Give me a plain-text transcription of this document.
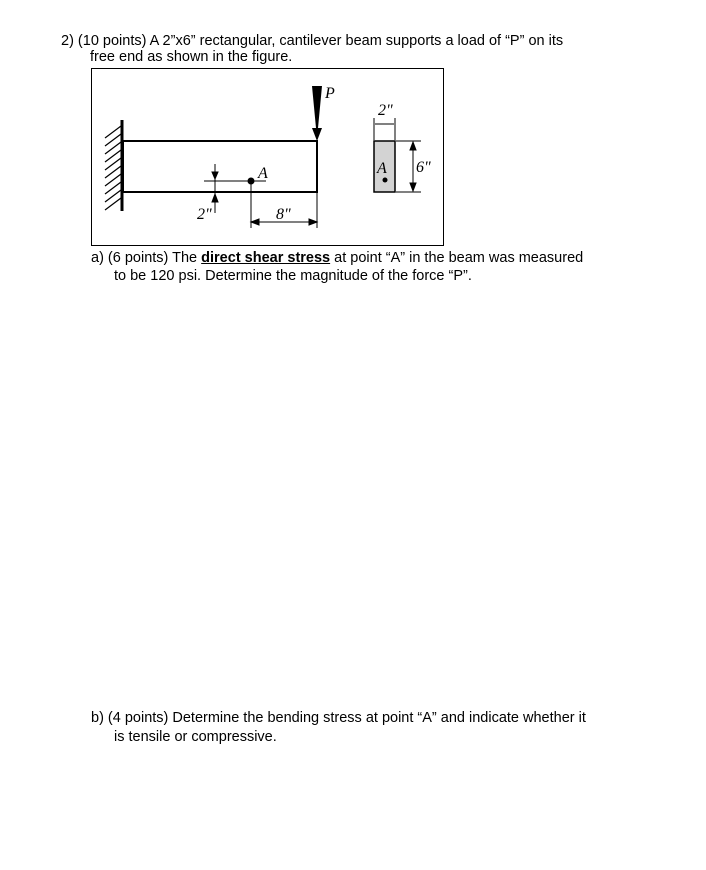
2) (10 points) A 2”x6” rectangular, cantilever beam supports a load of “P” on its
free end as shown in the figure.
P
A
2"	8"
2"
A 6"
a) (6 points) The direct shear stress at point “A” in the beam was measured
to be 120 psi. Determine the magnitude of the force “P”.
b) (4 points) Determine the bending stress at point “A” and indicate whether it
is tensile or compressive.
